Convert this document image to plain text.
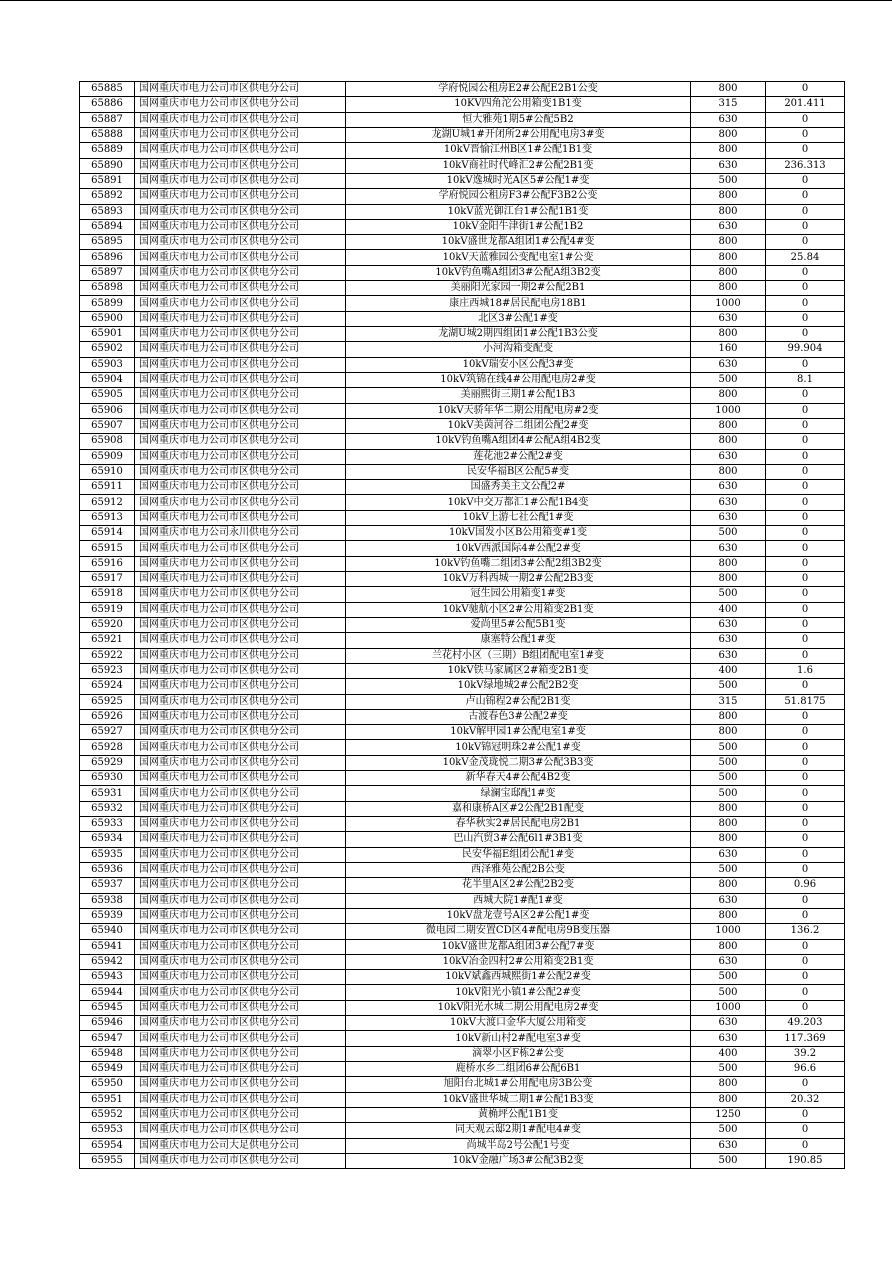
65885	国网重庆市电力公司市区供电分公司	学府悦园公租房E2#公配E2B1公变	800	0
65886	国网重庆市电力公司市区供电分公司	10KV四角沱公用箱变1B1变	315	201.411
65887	国网重庆市电力公司市区供电分公司	恒大雅苑1期5#公配5B2	630	0
65888	国网重庆市电力公司市区供电分公司	龙湖U城1#开闭所2#公用配电房3#变	800	0
65889	国网重庆市电力公司市区供电分公司	10kV晋愉江州B区1#公配1B1变	800	0
65890	国网重庆市电力公司市区供电分公司	10kV商社时代峰汇2#公配2B1变	630	236.313
65891	国网重庆市电力公司市区供电分公司	10kV逸城时光A区5#公配1#变	500	0
65892	国网重庆市电力公司市区供电分公司	学府悦园公租房F3#公配F3B2公变	800	0
65893	国网重庆市电力公司市区供电分公司	10kV蓝光御江台1#公配1B1变	800	0
65894	国网重庆市电力公司市区供电分公司	10kV金阳牛津街1#公配1B2	630	0
65895	国网重庆市电力公司市区供电分公司	10kV盛世龙都A组团1#公配4#变	800	0
65896	国网重庆市电力公司市区供电分公司	10kV天蓝雅园公变配电室1#公变	800	25.84
65897	国网重庆市电力公司市区供电分公司	10kV钓鱼嘴A组团3#公配A组3B2变	800	0
65898	国网重庆市电力公司市区供电分公司	美丽阳光家园一期2#公配2B1	800	0
65899	国网重庆市电力公司市区供电分公司	康庄西城18#居民配电房18B1	1000	0
65900	国网重庆市电力公司市区供电分公司	北区3#公配1#变	630	0
65901	国网重庆市电力公司市区供电分公司	龙湖U城2期四组团1#公配1B3公变	800	0
65902	国网重庆市电力公司市区供电分公司	小河沟箱变配变	160	99.904
65903	国网重庆市电力公司市区供电分公司	10kV瑞安小区公配3#变	630	0
65904	国网重庆市电力公司市区供电分公司	10kV筑锦在线4#公用配电房2#变	500	8.1
65905	国网重庆市电力公司市区供电分公司	美丽熙街三期1#公配1B3	800	0
65906	国网重庆市电力公司市区供电分公司	10kV天骄年华二期公用配电房#2变	1000	0
65907	国网重庆市电力公司市区供电分公司	10kV美茵河谷二组团公配2#变	800	0
65908	国网重庆市电力公司市区供电分公司	10kV钓鱼嘴A组团4#公配A组4B2变	800	0
65909	国网重庆市电力公司市区供电分公司	莲花池2#公配2#变	630	0
65910	国网重庆市电力公司市区供电分公司	民安华福B区公配5#变	800	0
65911	国网重庆市电力公司市区供电分公司	国盛秀美主文公配2#	630	0
65912	国网重庆市电力公司市区供电分公司	10kV中交万都汇1#公配1B4变	630	0
65913	国网重庆市电力公司市区供电分公司	10kV上游七社公配1#变	630	0
65914	国网重庆市电力公司永川供电分公司	10kV国发小区B公用箱变#1变	500	0
65915	国网重庆市电力公司市区供电分公司	10kV西派国际4#公配2#变	630	0
65916	国网重庆市电力公司市区供电分公司	10kV钓鱼嘴二组团3#公配2组3B2变	800	0
65917	国网重庆市电力公司市区供电分公司	10kV万科西城一期2#公配2B3变	800	0
65918	国网重庆市电力公司市区供电分公司	冠生园公用箱变1#变	500	0
65919	国网重庆市电力公司市区供电分公司	10kV驰航小区2#公用箱变2B1变	400	0
65920	国网重庆市电力公司市区供电分公司	爱尚里5#公配5B1变	630	0
65921	国网重庆市电力公司市区供电分公司	康塞特公配1#变	630	0
65922	国网重庆市电力公司市区供电分公司	兰花村小区（三期）B组团配电室1#变	630	0
65923	国网重庆市电力公司市区供电分公司	10kV铁马家属区2#箱变2B1变	400	1.6
65924	国网重庆市电力公司市区供电分公司	10kV绿地城2#公配2B2变	500	0
65925	国网重庆市电力公司市区供电分公司	卢山锦程2#公配2B1变	315	51.8175
65926	国网重庆市电力公司市区供电分公司	古渡春色3#公配2#变	800	0
65927	国网重庆市电力公司市区供电分公司	10kV解甲园1#公配电室1#变	800	0
65928	国网重庆市电力公司市区供电分公司	10kV锦冠明珠2#公配1#变	500	0
65929	国网重庆市电力公司市区供电分公司	10kV金茂珑悦二期3#公配3B3变	500	0
65930	国网重庆市电力公司市区供电分公司	新华春天4#公配4B2变	500	0
65931	国网重庆市电力公司市区供电分公司	绿澜宝邸配1#变	500	0
65932	国网重庆市电力公司市区供电分公司	嘉和康桥A区#2公配2B1配变	800	0
65933	国网重庆市电力公司市区供电分公司	春华秋实2#居民配电房2B1	800	0
65934	国网重庆市电力公司市区供电分公司	巴山汽贸3#公配6l1#3B1变	800	0
65935	国网重庆市电力公司市区供电分公司	民安华福E组团公配1#变	630	0
65936	国网重庆市电力公司市区供电分公司	西泽雅苑公配2B公变	500	0
65937	国网重庆市电力公司市区供电分公司	花半里A区2#公配2B2变	800	0.96
65938	国网重庆市电力公司市区供电分公司	西城大院1#配1#变	630	0
65939	国网重庆市电力公司市区供电分公司	10kV盘龙壹号A区2#公配1#变	800	0
65940	国网重庆市电力公司市区供电分公司	微电园二期安置CD区4#配电房9B变压器	1000	136.2
65941	国网重庆市电力公司市区供电分公司	10kV盛世龙都A组团3#公配7#变	800	0
65942	国网重庆市电力公司市区供电分公司	10kV冶金四村2#公用箱变2B1变	630	0
65943	国网重庆市电力公司市区供电分公司	10kV斌鑫西城熙街1#公配2#变	500	0
65944	国网重庆市电力公司市区供电分公司	10kV阳光小镇1#公配2#变	500	0
65945	国网重庆市电力公司市区供电分公司	10kV阳光水城二期公用配电房2#变	1000	0
65946	国网重庆市电力公司市区供电分公司	10kV大渡口金华大厦公用箱变	630	49.203
65947	国网重庆市电力公司市区供电分公司	10kV新山村2#配电室3#变	630	117.369
65948	国网重庆市电力公司市区供电分公司	滴翠小区F栋2#公变	400	39.2
65949	国网重庆市电力公司市区供电分公司	鹿桥水乡二组团6#公配6B1	500	96.6
65950	国网重庆市电力公司市区供电分公司	旭阳台北城1#公用配电房3B公变	800	0
65951	国网重庆市电力公司市区供电分公司	10kV盛世华城二期1#公配1B3变	800	20.32
65952	国网重庆市电力公司市区供电分公司	黄桷坪公配1B1变	1250	0
65953	国网重庆市电力公司市区供电分公司	同天观云邸2期1#配电4#变	500	0
65954	国网重庆市电力公司大足供电分公司	尚城半岛2号公配1号变	630	0
65955	国网重庆市电力公司市区供电分公司	10kV金融广场3#公配3B2变	500	190.85
